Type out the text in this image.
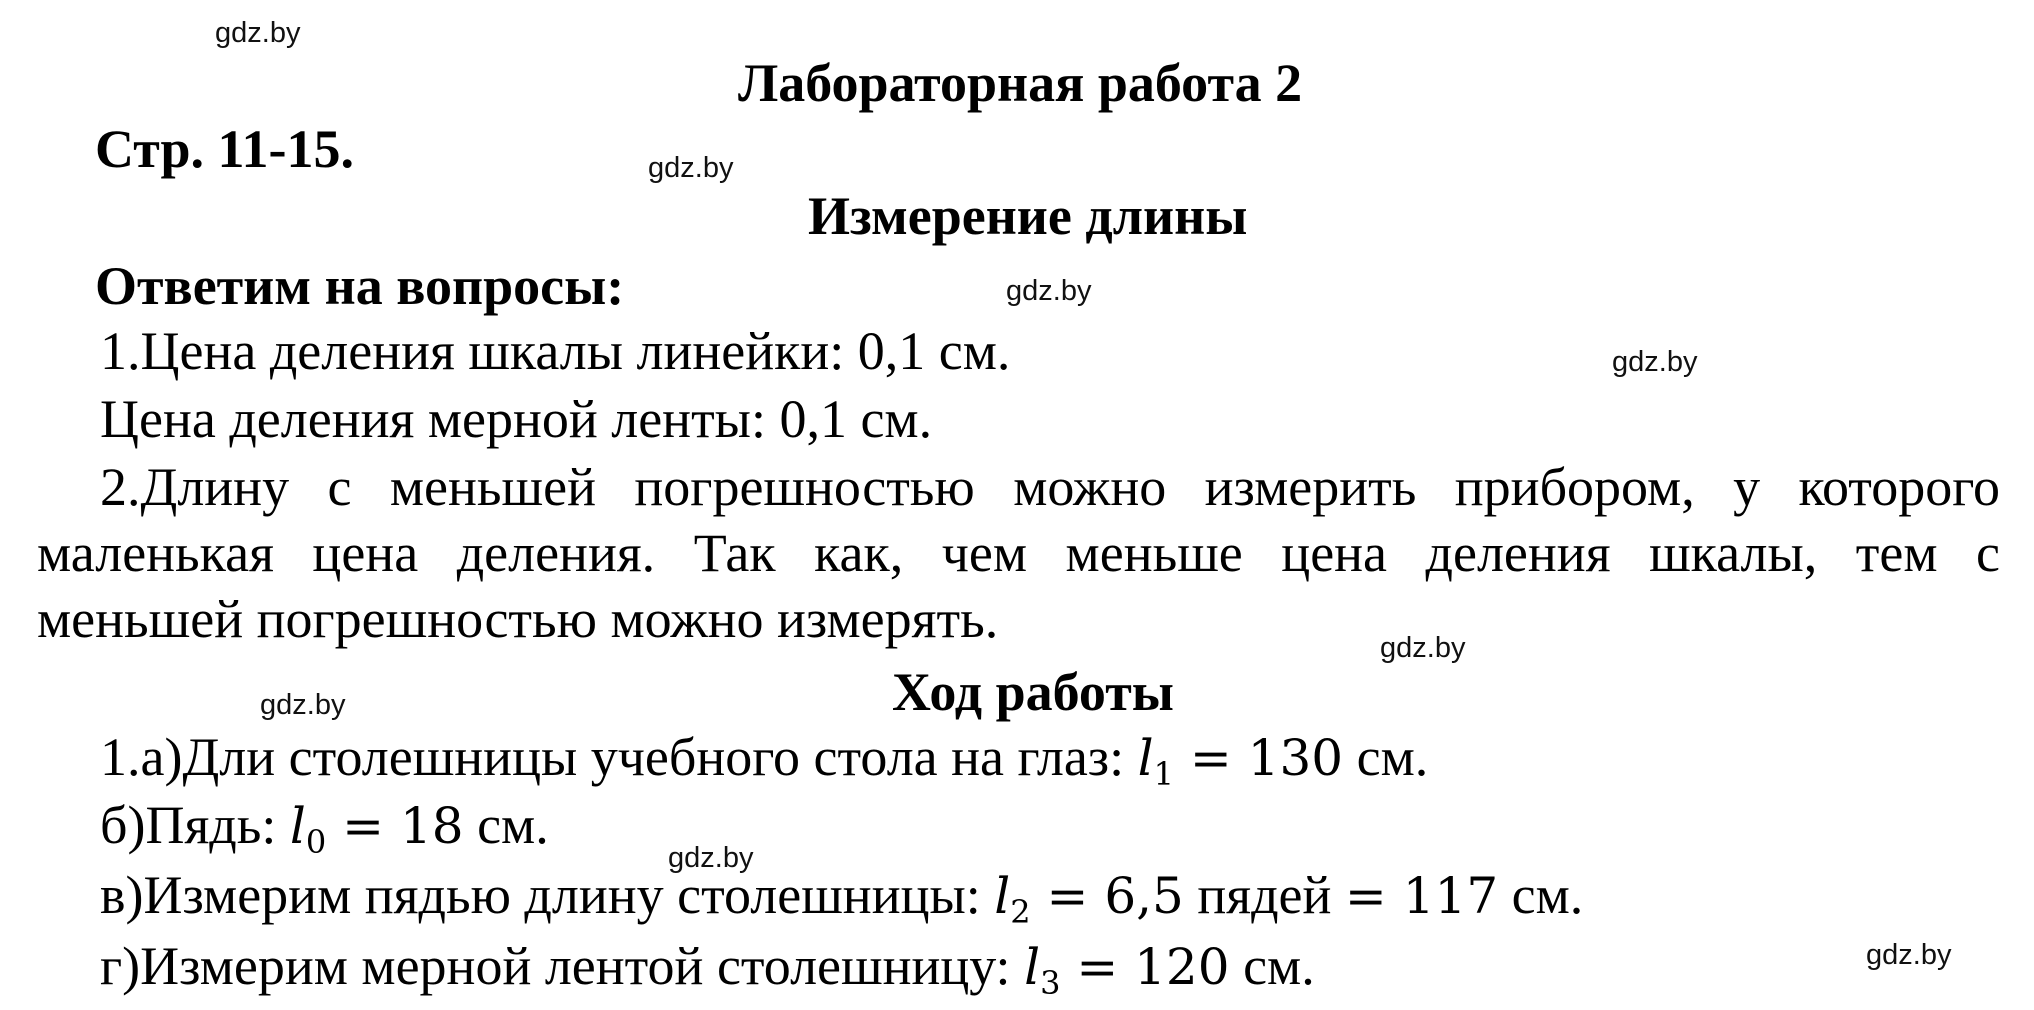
gdz.by
gdz.by
gdz.by
gdz.by
gdz.by
gdz.by
gdz.by
gdz.by
Лабораторная работа 2
Стр. 11-15.
Измерение длины
Ответим на вопросы:
1.Цена деления шкалы линейки: 0,1 см.
Цена деления мерной ленты: 0,1 см.
2.Длину с меньшей погрешностью можно измерить прибором, у которого
маленькая цена деления. Так как, чем меньше цена деления шкалы, тем с
меньшей погрешностью можно измерять.
Ход работы
1.а)Дли столешницы учебного стола на глаз: $l_1 = 130$ см.
б)Пядь: $l_0 = 18$ см.
в)Измерим пядью длину столешницы: $l_2 = 6,5$ пядей = 117 см.
г)Измерим мерной лентой столешницу: $l_3 = 120$ см.
